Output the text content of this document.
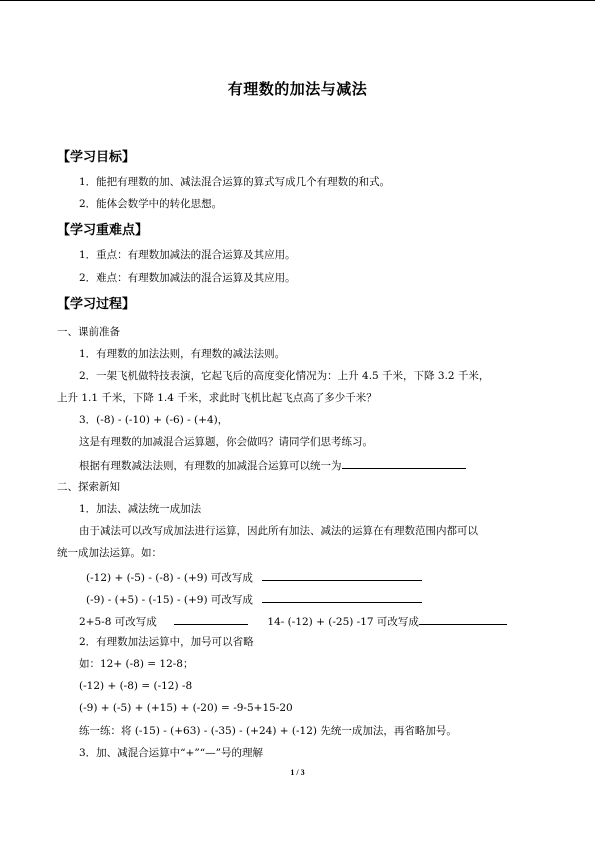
有理数的加法与减法
【学习目标】
1．能把有理数的加、减法混合运算的算式写成几个有理数的和式。
2．能体会数学中的转化思想。
【学习重难点】
1．重点：有理数加减法的混合运算及其应用。
2．难点：有理数加减法的混合运算及其应用。
【学习过程】
一、课前准备
1．有理数的加法法则，有理数的减法法则。
2．一架飞机做特技表演，它起飞后的高度变化情况为：上升 4.5 千米，下降 3.2 千米，
上升 1.1 千米，下降 1.4 千米，求此时飞机比起飞点高了多少千米？
3．(-8) - (-10) + (-6) - (+4)，
这是有理数的加减混合运算题，你会做吗？请同学们思考练习。
根据有理数减法法则，有理数的加减混合运算可以统一为
二、探索新知
1．加法、减法统一成加法
由于减法可以改写成加法进行运算，因此所有加法、减法的运算在有理数范围内都可以
统一成加法运算。如：
(-12) + (-5) - (-8) - (+9) 可改写成
(-9) - (+5) - (-15) - (+9) 可改写成
2+5-8 可改写成	14- (-12) + (-25) -17 可改写成
2．有理数加法运算中，加号可以省略
如：12+ (-8) = 12-8；
(-12) + (-8) = (-12) -8
(-9) + (-5) + (+15) + (-20) = -9-5+15-20
练一练：将 (-15) - (+63) - (-35) - (+24) + (-12) 先统一成加法，再省略加号。
3．加、减混合运算中“+”“—”号的理解
1 / 3
